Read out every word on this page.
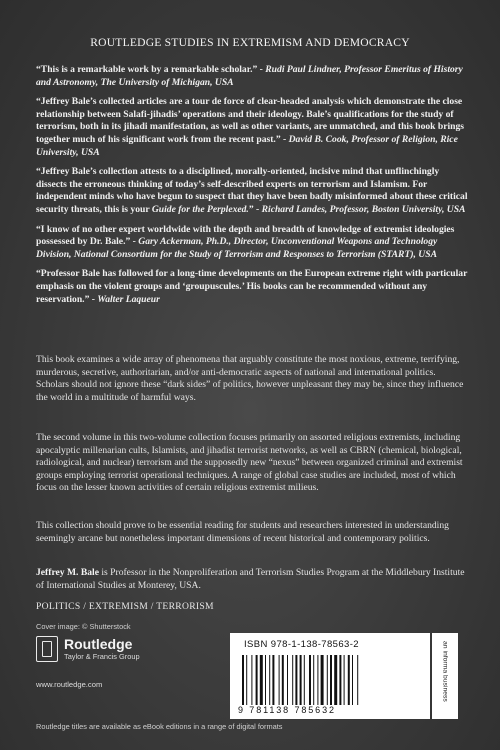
ROUTLEDGE STUDIES IN EXTREMISM AND DEMOCRACY
“This is a remarkable work by a remarkable scholar.” - Rudi Paul Lindner, Professor Emeritus of History and Astronomy, The University of Michigan, USA
“Jeffrey Bale’s collected articles are a tour de force of clear-headed analysis which demonstrate the close relationship between Salafi-jihadis’ operations and their ideology. Bale’s qualifications for the study of terrorism, both in its jihadi manifestation, as well as other variants, are unmatched, and this book brings together much of his significant work from the recent past.” - David B. Cook, Professor of Religion, Rice University, USA
“Jeffrey Bale’s collection attests to a disciplined, morally-oriented, incisive mind that unflinchingly dissects the erroneous thinking of today’s self-described experts on terrorism and Islamism. For independent minds who have begun to suspect that they have been badly misinformed about these critical security threats, this is your Guide for the Perplexed.” - Richard Landes, Professor, Boston University, USA
“I know of no other expert worldwide with the depth and breadth of knowledge of extremist ideologies possessed by Dr. Bale.” - Gary Ackerman, Ph.D., Director, Unconventional Weapons and Technology Division, National Consortium for the Study of Terrorism and Responses to Terrorism (START), USA
“Professor Bale has followed for a long-time developments on the European extreme right with particular emphasis on the violent groups and ‘groupuscules.’ His books can be recommended without any reservation.” - Walter Laqueur
This book examines a wide array of phenomena that arguably constitute the most noxious, extreme, terrifying, murderous, secretive, authoritarian, and/or anti-democratic aspects of national and international politics. Scholars should not ignore these “dark sides” of politics, however unpleasant they may be, since they influence the world in a multitude of harmful ways.
The second volume in this two-volume collection focuses primarily on assorted religious extremists, including apocalyptic millenarian cults, Islamists, and jihadist terrorist networks, as well as CBRN (chemical, biological, radiological, and nuclear) terrorism and the supposedly new “nexus” between organized criminal and extremist groups employing terrorist operational techniques. A range of global case studies are included, most of which focus on the lesser known activities of certain religious extremist milieus.
This collection should prove to be essential reading for students and researchers interested in understanding seemingly arcane but nonetheless important dimensions of recent historical and contemporary politics.
Jeffrey M. Bale is Professor in the Nonproliferation and Terrorism Studies Program at the Middlebury Institute of International Studies at Monterey, USA.
POLITICS / EXTREMISM / TERRORISM
Cover image: © Shutterstock
Routledge
Taylor & Francis Group
www.routledge.com
ISBN 978-1-138-78563-2
9 781138 785632
an informa business
Routledge titles are available as eBook editions in a range of digital formats
